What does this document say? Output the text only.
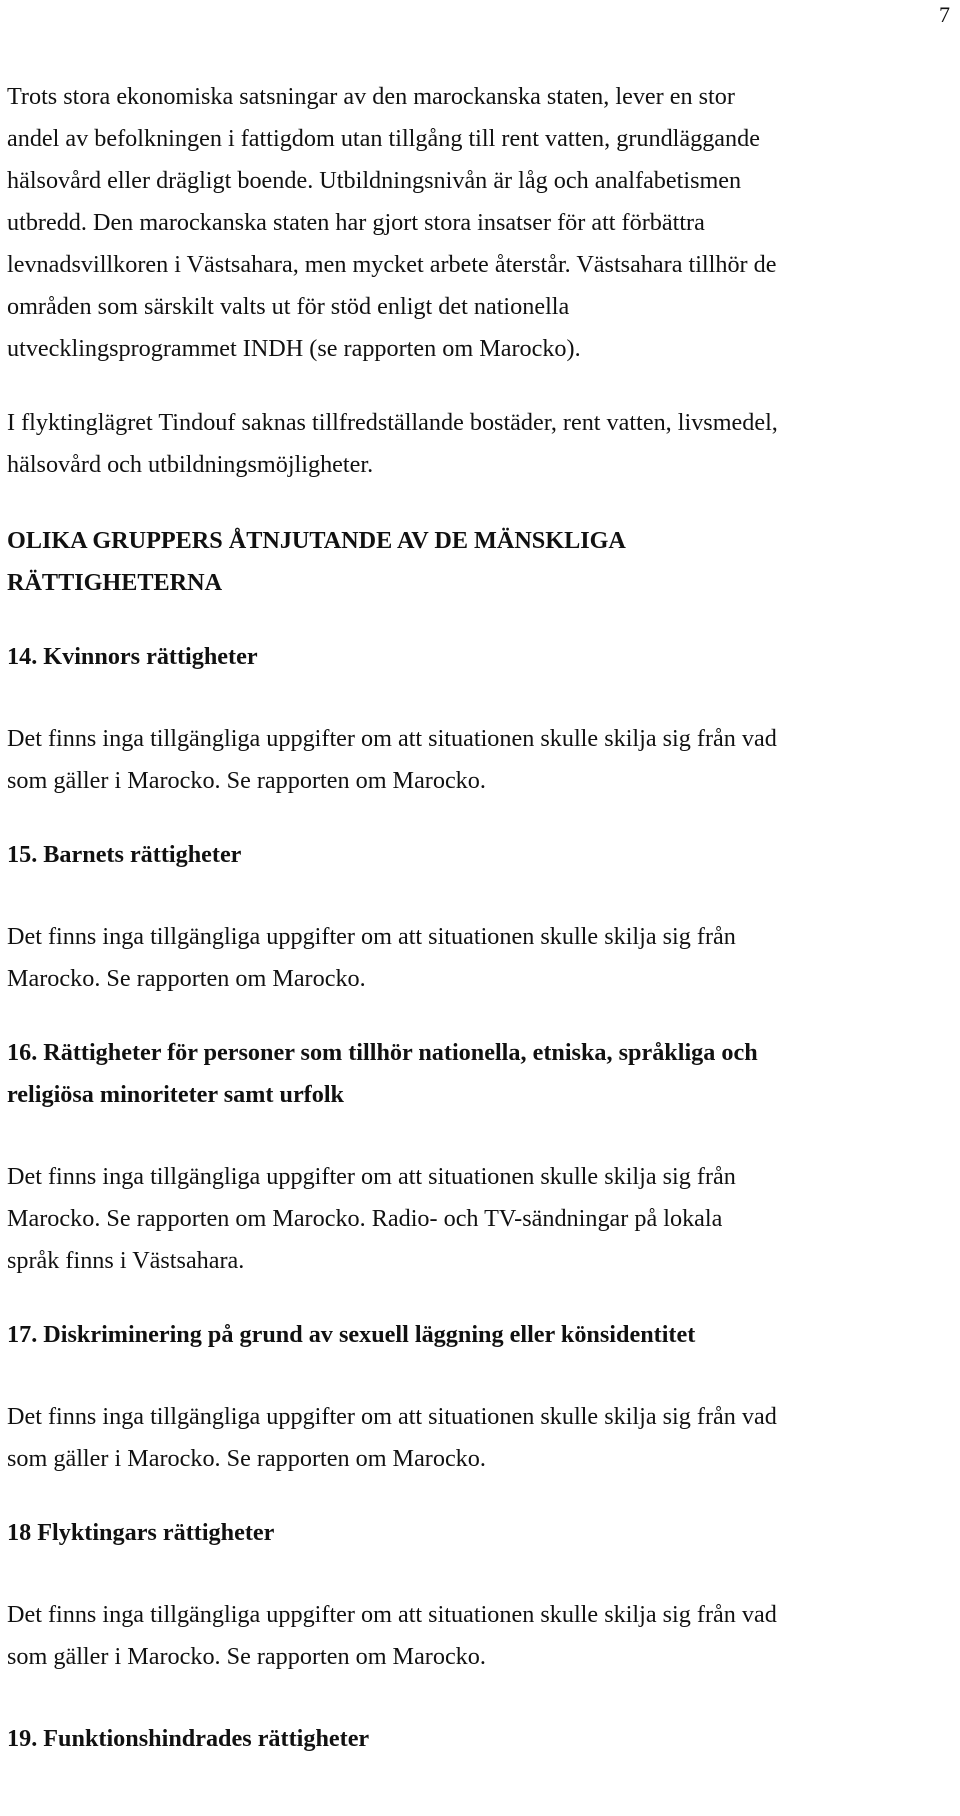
7

Trots stora ekonomiska satsningar av den marockanska staten, lever en stor
andel av befolkningen i fattigdom utan tillgång till rent vatten, grundläggande
hälsovård eller drägligt boende. Utbildningsnivån är låg och analfabetismen
utbredd. Den marockanska staten har gjort stora insatser för att förbättra
levnadsvillkoren i Västsahara, men mycket arbete återstår. Västsahara tillhör de
områden som särskilt valts ut för stöd enligt det nationella
utvecklingsprogrammet INDH (se rapporten om Marocko).

I flyktinglägret Tindouf saknas tillfredställande bostäder, rent vatten, livsmedel,
hälsovård och utbildningsmöjligheter.

OLIKA GRUPPERS ÅTNJUTANDE AV DE MÄNSKLIGA
RÄTTIGHETERNA
14. Kvinnors rättigheter

Det finns inga tillgängliga uppgifter om att situationen skulle skilja sig från vad
som gäller i Marocko. Se rapporten om Marocko.

15. Barnets rättigheter

Det finns inga tillgängliga uppgifter om att situationen skulle skilja sig från
Marocko. Se rapporten om Marocko.

16. Rättigheter för personer som tillhör nationella, etniska, språkliga och
religiösa minoriteter samt urfolk

Det finns inga tillgängliga uppgifter om att situationen skulle skilja sig från
Marocko. Se rapporten om Marocko. Radio- och TV-sändningar på lokala
språk finns i Västsahara.

17. Diskriminering på grund av sexuell läggning eller könsidentitet

Det finns inga tillgängliga uppgifter om att situationen skulle skilja sig från vad
som gäller i Marocko. Se rapporten om Marocko.

18 Flyktingars rättigheter

Det finns inga tillgängliga uppgifter om att situationen skulle skilja sig från vad
som gäller i Marocko. Se rapporten om Marocko.

19. Funktionshindrades rättigheter
